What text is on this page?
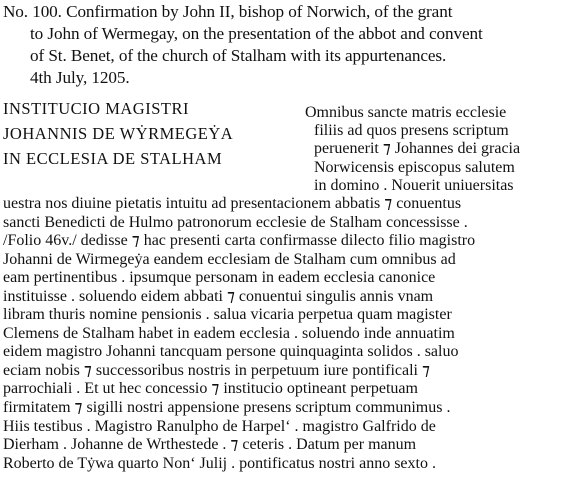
No. 100. Confirmation by John II, bishop of Norwich, of the grant
to John of Wermegay, on the presentation of the abbot and convent
of St. Benet, of the church of Stalham with its appurtenances.
4th July, 1205.
INSTITUCIO MAGISTRI
JOHANNIS DE WẎRMEGEẎA
IN ECCLESIA DE STALHAM
Omnibus sancte matris ecclesie
filiis ad quos presens scriptum
peruenerit ⁊ Johannes dei gracia
Norwicensis episcopus salutem
in domino . Nouerit uniuersitas
uestra nos diuine pietatis intuitu ad presentacionem abbatis ⁊ conuentus
sancti Benedicti de Hulmo patronorum ecclesie de Stalham concessisse .
/Folio 46v./ dedisse ⁊ hac presenti carta confirmasse dilecto filio magistro
Johanni de Wirmegeẏa eandem ecclesiam de Stalham cum omnibus ad
eam pertinentibus . ipsumque personam in eadem ecclesia canonice
instituisse . soluendo eidem abbati ⁊ conuentui singulis annis vnam
libram thuris nomine pensionis . salua vicaria perpetua quam magister
Clemens de Stalham habet in eadem ecclesia . soluendo inde annuatim
eidem magistro Johanni tancquam persone quinquaginta solidos . saluo
eciam nobis ⁊ successoribus nostris in perpetuum iure pontificali ⁊
parrochiali . Et ut hec concessio ⁊ institucio optineant perpetuam
firmitatem ⁊ sigilli nostri appensione presens scriptum communimus .
Hiis testibus . Magistro Ranulpho de Harpel‘ . magistro Galfrido de
Dierham . Johanne de Wrthestede . ⁊ ceteris . Datum per manum
Roberto de Tẏwa quarto Non‘ Julij . pontificatus nostri anno sexto .
